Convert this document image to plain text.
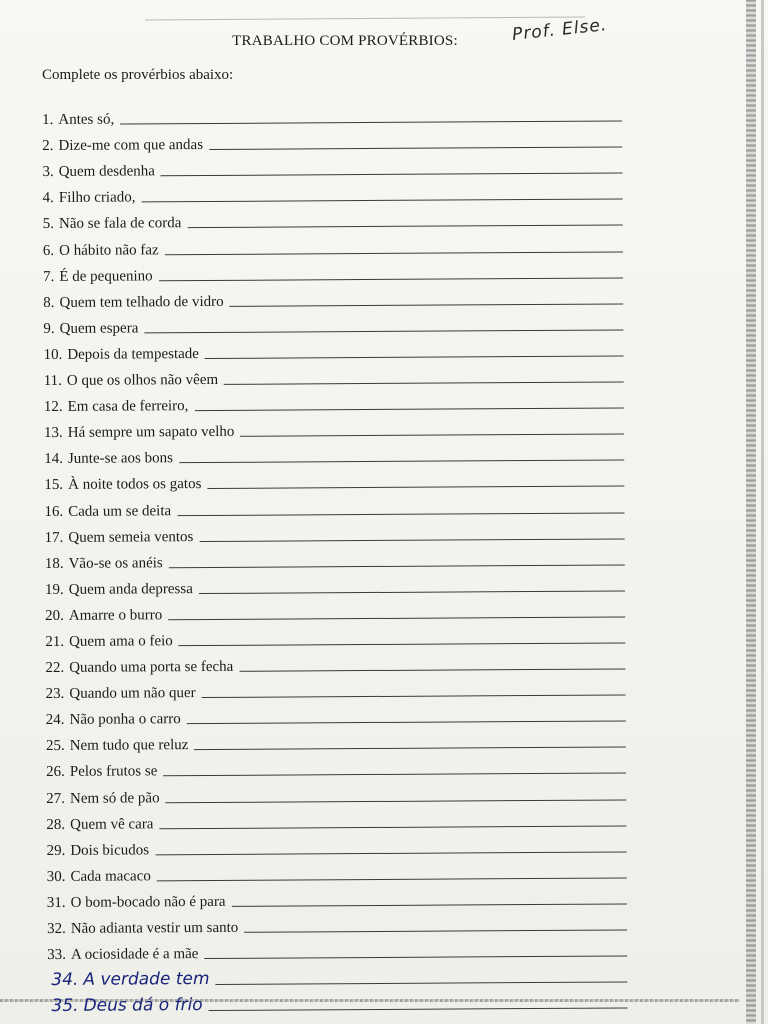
TRABALHO COM PROVÉRBIOS:	Prof. Else.
Complete os provérbios abaixo:
1. Antes só,
2. Dize-me com que andas
3. Quem desdenha
4. Filho criado,
5. Não se fala de corda
6. O hábito não faz
7. É de pequenino
8. Quem tem telhado de vidro
9. Quem espera
10. Depois da tempestade
11. O que os olhos não vêem
12. Em casa de ferreiro,
13. Há sempre um sapato velho
14. Junte-se aos bons
15. À noite todos os gatos
16. Cada um se deita
17. Quem semeia ventos
18. Vão-se os anéis
19. Quem anda depressa
20. Amarre o burro
21. Quem ama o feio
22. Quando uma porta se fecha
23. Quando um não quer
24. Não ponha o carro
25. Nem tudo que reluz
26. Pelos frutos se
27. Nem só de pão
28. Quem vê cara
29. Dois bicudos
30. Cada macaco
31. O bom-bocado não é para
32. Não adianta vestir um santo
33. A ociosidade é a mãe
34. A verdade tem
35. Deus dá o frio
